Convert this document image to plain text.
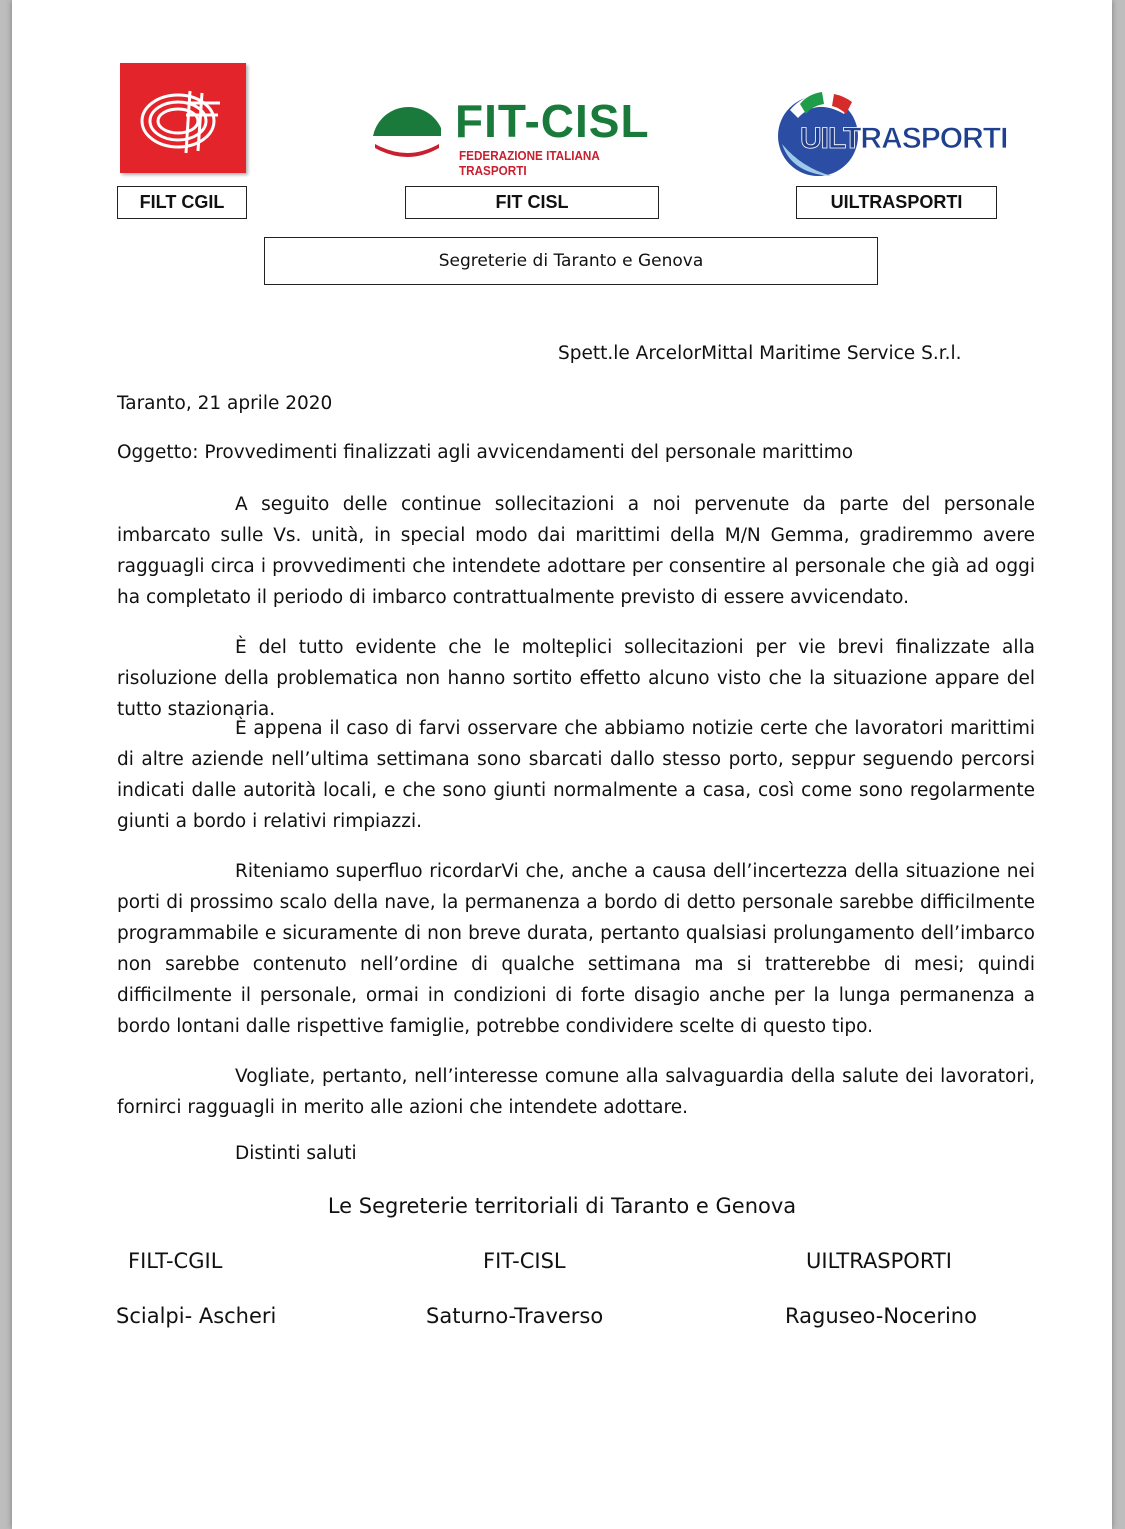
FILT CGIL
FIT-CISL
FEDERAZIONE ITALIANA TRASPORTI
FIT CISL
UILTRASPORTI
UILTRASPORTI
Segreterie di Taranto e Genova
Spett.le ArcelorMittal Maritime Service S.r.l.
Taranto, 21 aprile 2020
Oggetto: Provvedimenti finalizzati agli avvicendamenti del personale marittimo

A seguito delle continue sollecitazioni a noi pervenute da parte del personale imbarcato sulle Vs. unità, in special modo dai marittimi della M/N Gemma, gradiremmo avere ragguagli circa i provvedimenti che intendete adottare per consentire al personale che già ad oggi ha completato il periodo di imbarco contrattualmente previsto di essere avvicendato.

È del tutto evidente che le molteplici sollecitazioni per vie brevi finalizzate alla risoluzione della problematica non hanno sortito effetto alcuno visto che la situazione appare del tutto stazionaria.

È appena il caso di farvi osservare che abbiamo notizie certe che lavoratori marittimi di altre aziende nell’ultima settimana sono sbarcati dallo stesso porto, seppur seguendo percorsi indicati dalle autorità locali, e che sono giunti normalmente a casa, così come sono regolarmente giunti a bordo i relativi rimpiazzi.

Riteniamo superfluo ricordarVi che, anche a causa dell’incertezza della situazione nei porti di prossimo scalo della nave, la permanenza a bordo di detto personale sarebbe difficilmente programmabile e sicuramente di non breve durata, pertanto qualsiasi prolungamento dell’imbarco non sarebbe contenuto nell’ordine di qualche settimana ma si tratterebbe di mesi; quindi difficilmente il personale, ormai in condizioni di forte disagio anche per la lunga permanenza a bordo lontani dalle rispettive famiglie, potrebbe condividere scelte di questo tipo.

Vogliate, pertanto, nell’interesse comune alla salvaguardia della salute dei lavoratori, fornirci ragguagli in merito alle azioni che intendete adottare.

Distinti saluti
Le Segreterie territoriali di Taranto e Genova
FILT-CGIL	FIT-CISL	UILTRASPORTI
Scialpi- Ascheri	Saturno-Traverso	Raguseo-Nocerino
